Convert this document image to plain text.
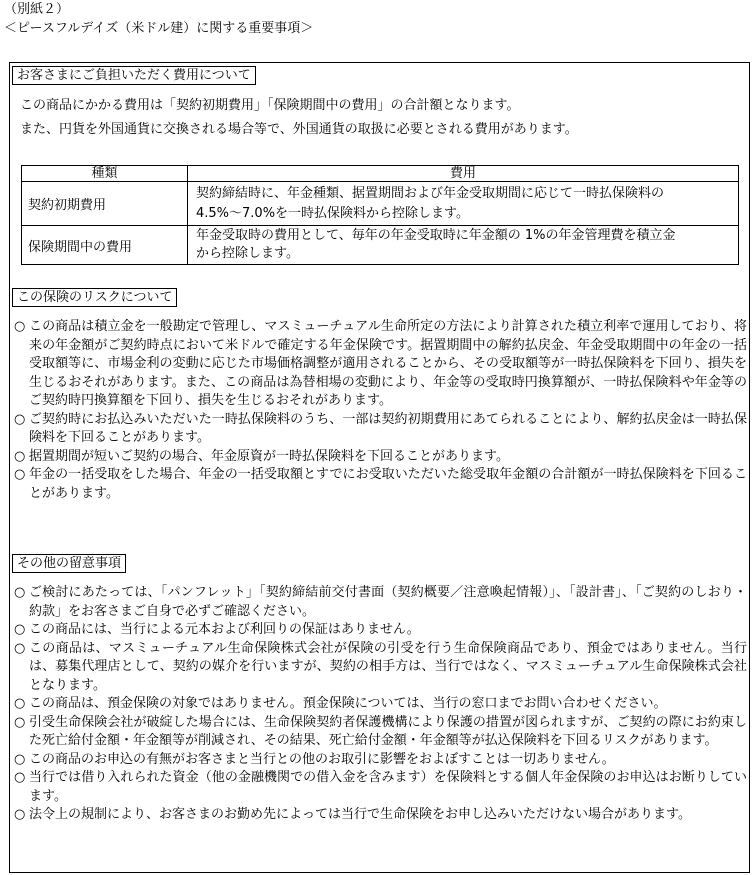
（別紙２）
＜ピースフルデイズ（米ドル建）に関する重要事項＞
お客さまにご負担いただく費用について
この商品にかかる費用は「契約初期費用」「保険期間中の費用」の合計額となります。
また、円貨を外国通貨に交換される場合等で、外国通貨の取扱に必要とされる費用があります。
種類	費用
契約初期費用	契約締結時に、年金種類、据置期間および年金受取期間に応じて一時払保険料の
4.5%～7.0%を一時払保険料から控除します。

保険期間中の費用	年金受取時の費用として、毎年の年金受取時に年金額の 1%の年金管理費を積立金
から控除します。
この保険のリスクについて
○ この商品は積立金を一般勘定で管理し、マスミューチュアル生命所定の方法により計算された積立利率で運用しており、将来の年金額がご契約時点において米ドルで確定する年金保険です。据置期間中の解約払戻金、年金受取期間中の年金の一括受取額等に、市場金利の変動に応じた市場価格調整が適用されることから、その受取額等が一時払保険料を下回り、損失を生じるおそれがあります。また、この商品は為替相場の変動により、年金等の受取時円換算額が、一時払保険料や年金等のご契約時円換算額を下回り、損失を生じるおそれがあります。
○ ご契約時にお払込みいただいた一時払保険料のうち、一部は契約初期費用にあてられることにより、解約払戻金は一時払保険料を下回ることがあります。
○ 据置期間が短いご契約の場合、年金原資が一時払保険料を下回ることがあります。
○ 年金の一括受取をした場合、年金の一括受取額とすでにお受取いただいた総受取年金額の合計額が一時払保険料を下回ることがあります。
その他の留意事項
○ ご検討にあたっては、「パンフレット」「契約締結前交付書面（契約概要／注意喚起情報）」、「設計書」、「ご契約のしおり・約款」をお客さまご自身で必ずご確認ください。
○ この商品には、当行による元本および利回りの保証はありません。
○ この商品は、マスミューチュアル生命保険株式会社が保険の引受を行う生命保険商品であり、預金ではありません。当行は、募集代理店として、契約の媒介を行いますが、契約の相手方は、当行ではなく、マスミューチュアル生命保険株式会社となります。
○ この商品は、預金保険の対象ではありません。預金保険については、当行の窓口までお問い合わせください。
○ 引受生命保険会社が破綻した場合には、生命保険契約者保護機構により保護の措置が図られますが、ご契約の際にお約束した死亡給付金額・年金額等が削減され、その結果、死亡給付金額・年金額等が払込保険料を下回るリスクがあります。
○ この商品のお申込の有無がお客さまと当行との他のお取引に影響をおよぼすことは一切ありません。
○ 当行では借り入れられた資金（他の金融機関での借入金を含みます）を保険料とする個人年金保険のお申込はお断りしています。
○ 法令上の規制により、お客さまのお勤め先によっては当行で生命保険をお申し込みいただけない場合があります。
